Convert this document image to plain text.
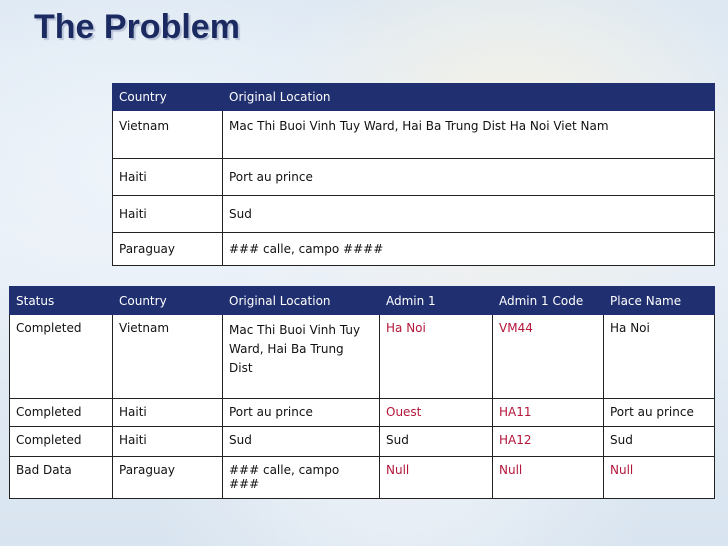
The Problem
Country	Original Location
Vietnam	Mac Thi Buoi Vinh Tuy Ward, Hai Ba Trung Dist Ha Noi Viet Nam
Haiti	Port au prince
Haiti	Sud
Paraguay	### calle, campo ####
Status	Country	Original Location	Admin 1	Admin 1 Code	Place Name
Completed	Vietnam	Mac Thi Buoi Vinh Tuy Ward, Hai Ba Trung Dist	Ha Noi	VM44	Ha Noi
Completed	Haiti	Port au prince	Ouest	HA11	Port au prince
Completed	Haiti	Sud	Sud	HA12	Sud
Bad Data	Paraguay	### calle, campo ###	Null	Null	Null
